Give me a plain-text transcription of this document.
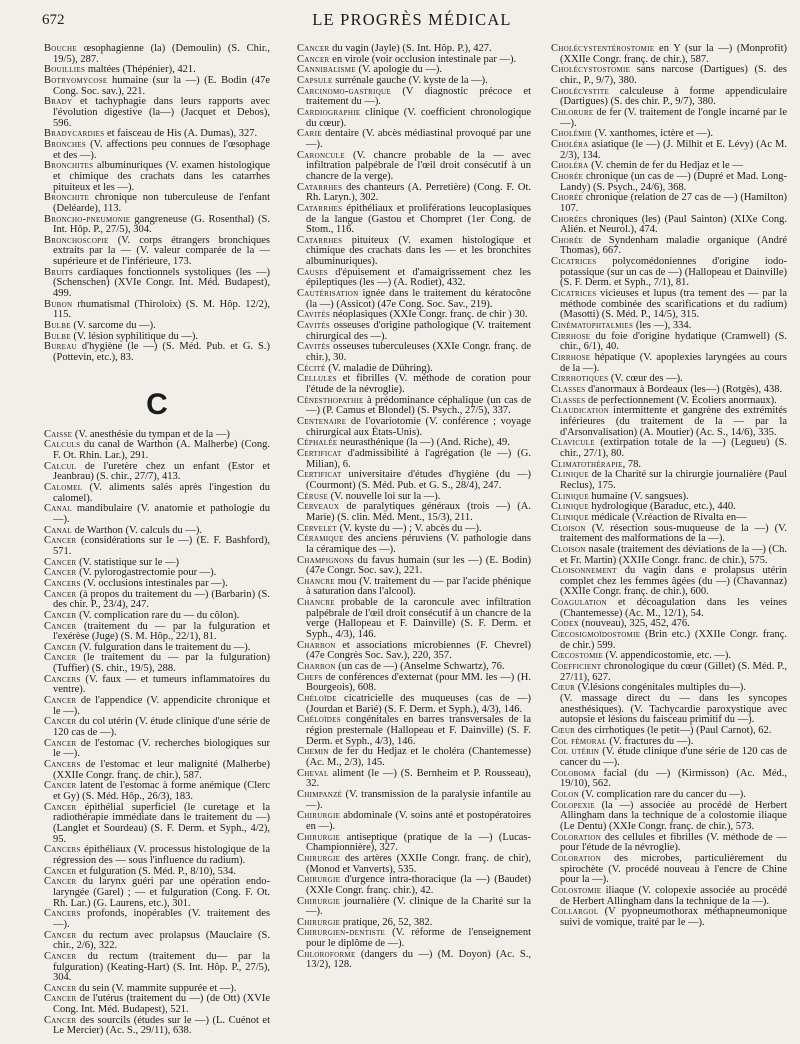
672	LE PROGRÈS MÉDICAL

Bouche œsophagienne (la) (Demoulin) (S. Chir., 19/5), 287.

Bouillies maltées (Thépénier), 421.

Botryomycose humaine (sur la —) (E. Bodin (47e Cong. Soc. sav.), 221.

Brady et tachyphagie dans leurs rapports avec l'évolution digestive (la—) (Jacquet et Debos), 596.

Bradycardies et faisceau de His (A. Dumas), 327.

Bronches (V. affections peu connues de l'œsophage et des —).

Bronchites albuminuriques (V. examen histologique et chimique des crachats dans les catarrhes pituiteux et les —).

Bronchite chronique non tuberculeuse de l'enfant (Deléarde), 113.

Broncho-pneumonie gangreneuse (G. Rosenthal) (S. Int. Hôp. P., 27/5), 304.

Bronchoscopie (V. corps étrangers bronchiques extraits par la — (V. valeur comparée de la — supérieure et de l'inférieure, 173.

Bruits cardiaques fonctionnels systoliques (les —) (Schenschen) (XVIe Congr. Int. Méd. Budapest), 499.

Bubon rhumatismal (Thiroloix) (S. M. Hôp. 12/2), 115.

Bulbe (V. sarcome du —).

Bulbe (V. lésion syphilitique du —).

Bureau d'hygiène (le —) (S. Méd. Pub. et G. S.) (Pottevin, etc.), 83.

C

Caisse (V. anesthésie du tympan et de la —)

Calculs du canal de Warthon (A. Malherbe) (Cong. F. Ot. Rhin. Lar.), 291.

Calcul de l'uretère chez un enfant (Estor et Jeanbrau) (S. chir., 27/7), 413.

Calomel (V. aliments salés après l'ingestion du calomel).

Canal mandibulaire (V. anatomie et pathologie du —).

Canal de Warthon (V. calculs du —).

Cancer (considérations sur le —) (E. F. Bashford), 571.

Cancer (V. statistique sur le —)

Cancer (V. pylorogastrectomie pour —).

Cancers (V. occlusions intestinales par —).

Cancer (à propos du traitement du —) (Barbarin) (S. des chir. P., 23/4), 247.

Cancer (V. complication rare du — du côlon).

Cancer (traitement du — par la fulguration et l'exérèse (Juge) (S. M. Hôp., 22/1), 81.

Cancer (V. fulguration dans le traitement du —).

Cancer (le traitement du — par la fulguration) (Tuffier) (S. chir., 19/5), 288.

Cancers (V. faux — et tumeurs inflammatoires du ventre).

Cancer de l'appendice (V. appendicite chronique et le —).

Cancer du col utérin (V. étude clinique d'une série de 120 cas de —).

Cancer de l'estomac (V. recherches biologiques sur le —).

Cancers de l'estomac et leur malignité (Malherbe) (XXIIe Congr. franç. de chir.), 587.

Cancer latent de l'estomac à forme anémique (Clerc et Gy) (S. Méd. Hôp., 26/3), 183.

Cancer épithélial superficiel (le curetage et la radiothérapie immédiate dans le traitement du —) (Langlet et Sourdeau) (S. F. Derm. et Syph., 4/2), 95.

Cancers épithéliaux (V. processus histologique de la régression des — sous l'influence du radium).

Cancer et fulguration (S. Méd. P., 8/10), 534.

Cancer du larynx guéri par une opération endo-laryngée (Garel) ; — et fulguration (Cong. F. Ot. Rh. Lar.) (G. Laurens, etc.), 301.

Cancers profonds, inopérables (V. traitement des —).

Cancer du rectum avec prolapsus (Mauclaire (S. chir., 2/6), 322.

Cancer du rectum (traitement du— par la fulguration) (Keating-Hart) (S. Int. Hôp. P., 27/5), 304.

Cancer du sein (V. mammite suppurée et —).

Cancer de l'utérus (traitement du —) (de Ott) (XVIe Cong. Int. Méd. Budapest), 521.

Cancer des sourcils (études sur le —) (L. Cuénot et Le Mercier) (Ac. S., 29/11), 638.

Cancer du vagin (Jayle) (S. Int. Hôp. P.), 427.

Cancer en virole (voir occlusion intestinale par —).

Cannibalisme (V. apologie du —).

Capsule surrénale gauche (V. kyste de la —).

Carcinomo-gastrique (V diagnostic précoce et traitement du —).

Cardiographie clinique (V. coefficient chronologique du cœur).

Carie dentaire (V. abcès médiastinal provoqué par une —).

Caroncule (V. chancre probable de la — avec infiltration palpébrale de l'œil droit consécutif à un chancre de la verge).

Catarrhes des chanteurs (A. Perretière) (Cong. F. Ot. Rh. Laryn.), 302.

Catarrhes épithéliaux et proliférations leucoplasiques de la langue (Gastou et Chompret (1er Cong. de Stom., 116.

Catarrhes pituiteux (V. examen histologique et chimique des crachats dans les — et les bronchites albuminuriques).

Causes d'épuisement et d'amaigrissement chez les épileptiques (les —) (A. Rodiet), 432.

Cautérisation ignée dans le traitement du kératocône (la —) (Assicot) (47e Cong. Soc. Sav., 219).

Cavités néoplasiques (XXIe Congr. franç. de chir ) 30.

Cavités osseuses d'origine pathologique (V. traitement chirurgical des —).

Cavités osseuses tuberculeuses (XXIe Congr. franç. de chir.), 30.

Cécité (V. maladie de Dühring).

Cellules et fibrilles (V. méthode de coration pour l'étude de la névroglie).

Cénesthopathie à prédominance céphalique (un cas de —) (P. Camus et Blondel) (S. Psych., 27/5), 337.

Centenaire de l'ovariotomie (V. conférence ; voyage chirurgical aux États-Unis).

Céphalée neurasthénique (la —) (And. Riche), 49.

Certificat d'admissibilité à l'agrégation (le —) (G. Milian), 6.

Certificat universitaire d'études d'hygiène (du —) (Courmont) (S. Méd. Pub. et G. S., 28/4), 247.

Céruse (V. nouvelle loi sur la —).

Cerveaux de paralytiques généraux (trois —) (A. Marie) (S. clin. Méd. Ment., 15/3), 211.

Cervelet (V. kyste du —) ; V. abcès du —).

Céramique des anciens péruviens (V. pathologie dans la céramique des —).

Champignons du favus humain (sur les —) (E. Bodin) (47e Congr. Soc. sav.), 221.

Chancre mou (V. traitement du — par l'acide phénique à saturation dans l'alcool).

Chancre probable de la caroncule avec infiltration palpébrale de l'œil droit consécutif à un chancre de la verge (Hallopeau et F. Dainville) (S. F. Derm. et Syph., 4/3), 146.

Charbon et associations microbiennes (F. Chevrel) (47e Congrès Soc. Sav.), 220, 357.

Charbon (un cas de —) (Anselme Schwartz), 76.

Chefs de conférences d'externat (pour MM. les —) (H. Bourgeois), 608.

Chéloïde cicatricielle des muqueuses (cas de —) (Jourdan et Barié) (S. F. Derm. et Syph.), 4/3), 146.

Chéloïdes congénitales en barres transversales de la région presternale (Hallopeau et F. Dainville) (S. F. Derm. et Syph., 4/3), 146.

Chemin de fer du Hedjaz et le choléra (Chantemesse) (Ac. M., 2/3), 145.

Cheval aliment (le —) (S. Bernheim et P. Rousseau), 32.

Chimpanzé (V. transmission de la paralysie infantile au —).

Chirurgie abdominale (V. soins anté et postopératoires en —).

Chirurgie antiseptique (pratique de la —) (Lucas-Championnière), 327.

Chirurgie des artères (XXIIe Congr. franç. de chir), (Monod et Vanverts), 535.

Chirurgie d'urgence intra-thoracique (la —) (Baudet) (XXIe Congr. franç. chir.), 42.

Chirurgie journalière (V. clinique de la Charité sur la —).

Chirurgie pratique, 26, 52, 382.

Chirurgien-dentiste (V. réforme de l'enseignement pour le diplôme de —).

Chloroforme (dangers du —) (M. Doyon) (Ac. S., 13/2), 128.

Cholécystentérostomie en Y (sur la —) (Monprofit) (XXIIe Congr. franç. de chir.), 587.

Cholécystostomie sans narcose (Dartigues) (S. des chir., P., 9/7), 380.

Cholécystite calculeuse à forme appendiculaire (Dartigues) (S. des chir. P., 9/7), 380.

Chlorure de fer (V. traitement de l'ongle incarné par le —).

Cholémie (V. xanthomes, ictère et —).

Choléra asiatique (le —) (J. Milhit et E. Lévy) (Ac M. 2/3), 134.

Choléra (V. chemin de fer du Hedjaz et le —

Chorée chronique (un cas de —) (Dupré et Mad. Long-Landy) (S. Psych., 24/6), 368.

Chorée chronique (relation de 27 cas de —) (Hamilton) 107.

Chorées chroniques (les) (Paul Sainton) (XIXe Cong. Alién. et Neurol.), 474.

Chorée de Syndenham maladie organique (André Thomas), 667.

Cicatrices polycomédoniennes d'origine iodo-potassique (sur un cas de —) (Hallopeau et Dainville) (S. F. Derm. et Syph., 7/1), 81.

Cicatrices vicieuses et lupus (tra tement des — par la méthode combinée des scarifications et du radium) (Masotti) (S. Méd. P., 14/5), 315.

Cinématophtalmies (les —), 334.

Cirrhose du foie d'origine hydatique (Cramwell) (S. chir., 6/1), 40.

Cirrhose hépatique (V. apoplexies laryngées au cours de la —).

Cirrhotiques (V. cœur des —).

Classes d'anormaux à Bordeaux (les—) (Rotgès), 438.

Classes de perfectionnement (V. Écoliers anormaux).

Claudication intermittente et gangrène des extrémités inférieures (du traitement de la — par la d'Arsonvalisation) (A. Moutier) (Ac. S., 14/6), 335.

Clavicule (extirpation totale de la —) (Legueu) (S. chir., 27/1), 80.

Climatothérapie, 78.

Clinique de la Charité sur la chirurgie journalière (Paul Reclus), 175.

Clinique humaine (V. sangsues).

Clinique hydrologique (Baraduc, etc.), 440.

Clinique médicale (V.réaction de Rivalta en—

Cloison (V. résection sous-muqueuse de la —) (V. traitement des malformations de la —).

Cloison nasale (traitement des déviations de la —) (Ch. et Fr. Martin) (XXIIe Congr. franc. de chir.), 575.

Cloisonnement du vagin dans e prolapsus utérin complet chez les femmes âgées (du —) (Chavannaz) (XXIIe Congr. franç. de chir.), 600.

Coagulation et décoagulation dans les veines (Chantemesse) (Ac. M., 12/1), 54.

Codex (nouveau), 325, 452, 476.

Cœcosigmoïdostomie (Brin etc.) (XXIIe Congr. franç. de chir.) 599.

Cœcostomie (V. appendicostomie, etc. —).

Coefficient chronologique du cœur (Gillet) (S. Méd. P., 27/11), 627.

Cœur (V.lésions congénitales multiples du—).

(V. massage direct du — dans les syncopes anesthésiques). (V. Tachycardie paroxystique avec autopsie et lésions du faisceau primitif du —).

Cœur des cirrhotiques (le petit—) (Paul Carnot), 62.

Col fémoral (V. fractures du —).

Col utérin (V. étude clinique d'une série de 120 cas de cancer du —).

Coloboma facial (du —) (Kirmisson) (Ac. Méd., 19/10), 562.

Colon (V. complication rare du cancer du —).

Colopexie (la —) associée au procédé de Herbert Allingham dans la technique de a colostomie iliaque (Le Dentu) (XXIe Congr. franç. de chir.), 573.

Coloration des cellules et fibrilles (V. méthode de — pour l'étude de la névroglie).

Coloration des microbes, particulièrement du spirochète (V. procédé nouveau à l'encre de Chine pour la —).

Colostomie iliaque (V. colopexie associée au procédé de Herbert Allingham dans la technique de la —).

Collargol (V pyopneumothorax méthapneumonique suivi de vomique, traité par le —).
